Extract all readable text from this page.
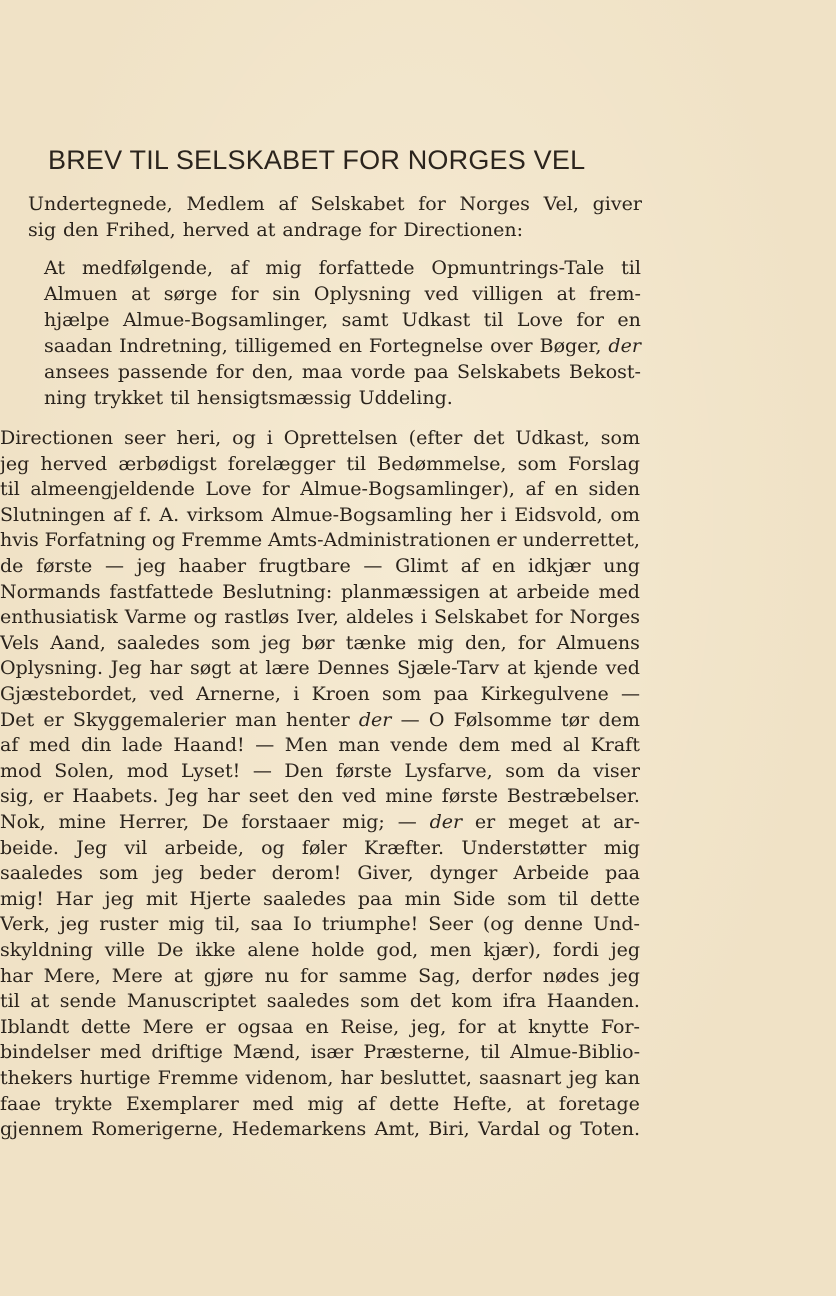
BREV TIL SELSKABET FOR NORGES VEL
Undertegnede, Medlem af Selskabet for Norges Vel, giver
sig den Frihed, herved at andrage for Directionen:
At medfølgende, af mig forfattede Opmuntrings-Tale til
Almuen at sørge for sin Oplysning ved villigen at frem-
hjælpe Almue-Bogsamlinger, samt Udkast til Love for en
saadan Indretning, tilligemed en Fortegnelse over Bøger, der
ansees passende for den, maa vorde paa Selskabets Bekost-
ning trykket til hensigtsmæssig Uddeling.
Directionen seer heri, og i Oprettelsen (efter det Udkast, som
jeg herved ærbødigst forelægger til Bedømmelse, som Forslag
til almeengjeldende Love for Almue-Bogsamlinger), af en siden
Slutningen af f. A. virksom Almue-Bogsamling her i Eidsvold, om
hvis Forfatning og Fremme Amts-Administrationen er underrettet,
de første — jeg haaber frugtbare — Glimt af en idkjær ung
Normands fastfattede Beslutning: planmæssigen at arbeide med
enthusiatisk Varme og rastløs Iver, aldeles i Selskabet for Norges
Vels Aand, saaledes som jeg bør tænke mig den, for Almuens
Oplysning. Jeg har søgt at lære Dennes Sjæle-Tarv at kjende ved
Gjæstebordet, ved Arnerne, i Kroen som paa Kirkegulvene —
Det er Skyggemalerier man henter der — O Følsomme tør dem
af med din lade Haand! — Men man vende dem med al Kraft
mod Solen, mod Lyset! — Den første Lysfarve, som da viser
sig, er Haabets. Jeg har seet den ved mine første Bestræbelser.
Nok, mine Herrer, De forstaaer mig; — der er meget at ar-
beide. Jeg vil arbeide, og føler Kræfter. Understøtter mig
saaledes som jeg beder derom! Giver, dynger Arbeide paa
mig! Har jeg mit Hjerte saaledes paa min Side som til dette
Verk, jeg ruster mig til, saa Io triumphe! Seer (og denne Und-
skyldning ville De ikke alene holde god, men kjær), fordi jeg
har Mere, Mere at gjøre nu for samme Sag, derfor nødes jeg
til at sende Manuscriptet saaledes som det kom ifra Haanden.
Iblandt dette Mere er ogsaa en Reise, jeg, for at knytte For-
bindelser med driftige Mænd, især Præsterne, til Almue-Biblio-
thekers hurtige Fremme videnom, har besluttet, saasnart jeg kan
faae trykte Exemplarer med mig af dette Hefte, at foretage
gjennem Romerigerne, Hedemarkens Amt, Biri, Vardal og Toten.
